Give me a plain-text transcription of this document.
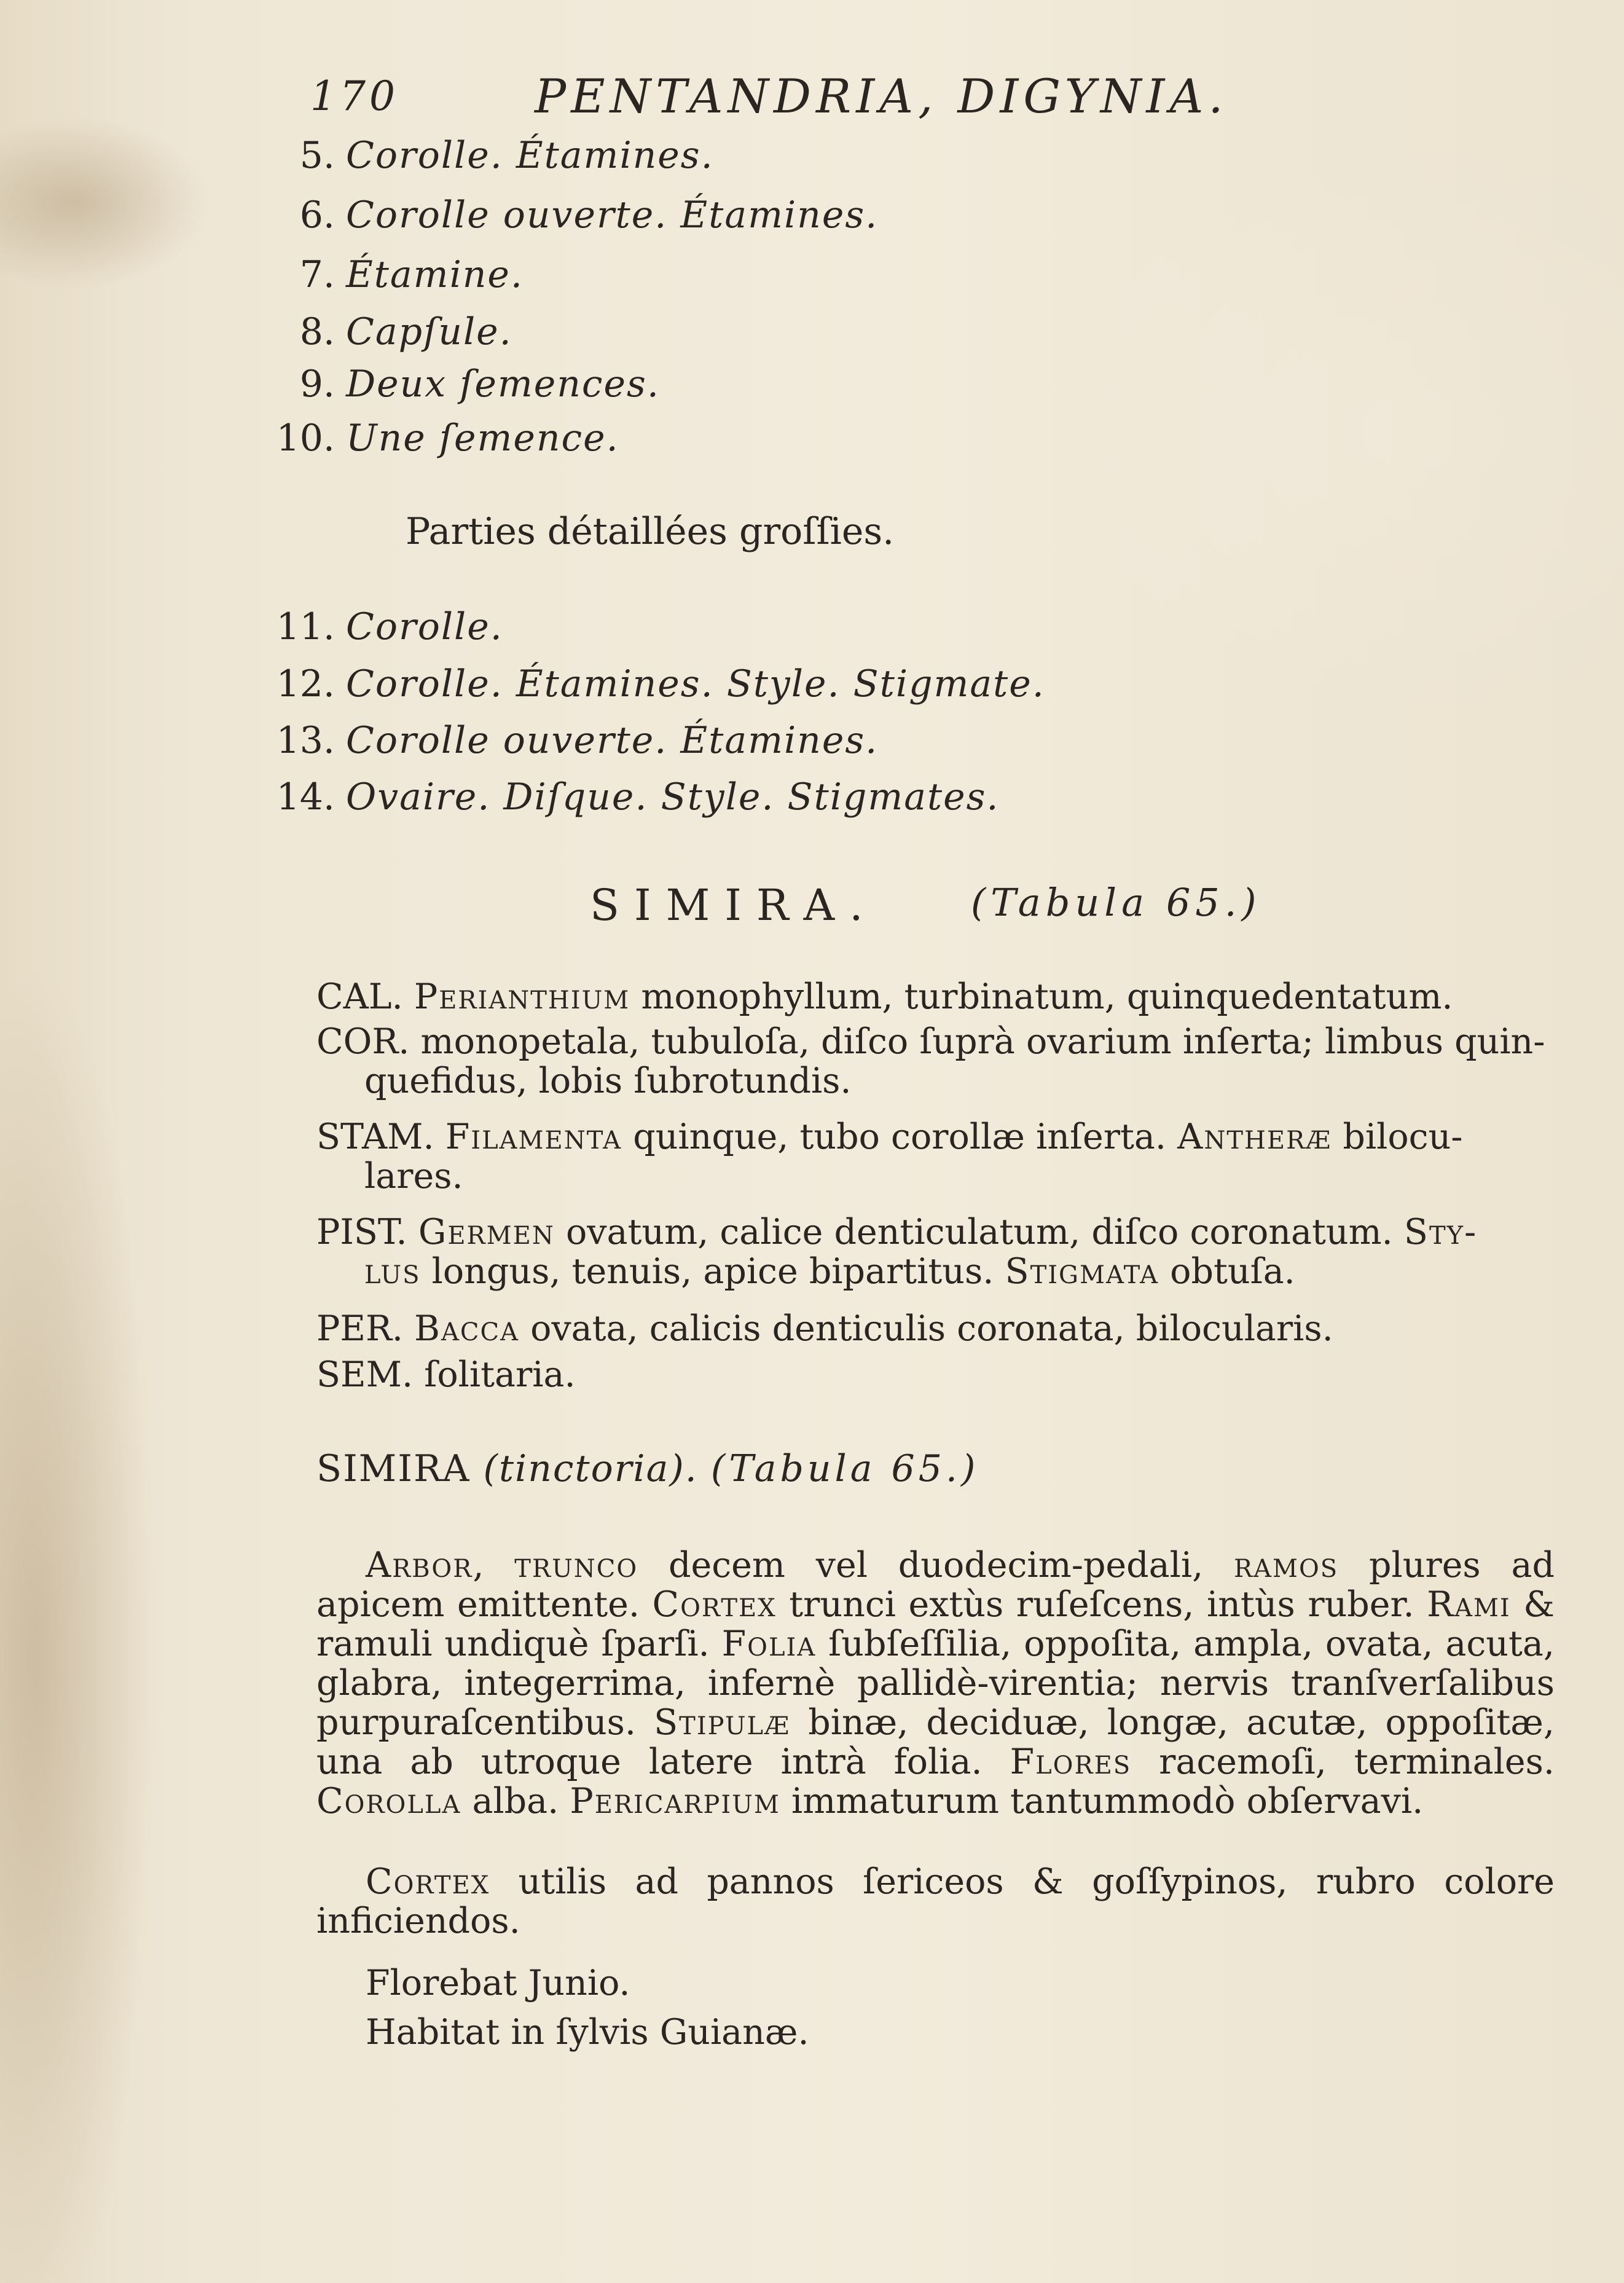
170	PENTANDRIA, DIGYNIA.
5. Corolle. Étamines.
6. Corolle ouverte. Étamines.
7. Étamine.
8. Capſule.
9. Deux ſemences.
10. Une ſemence.
Parties détaillées groſſies.
11. Corolle.
12. Corolle. Étamines. Style. Stigmate.
13. Corolle ouverte. Étamines.
14. Ovaire. Diſque. Style. Stigmates.
SIMIRA. (Tabula 65.)
CAL. Perianthium monophyllum, turbinatum, quinquedentatum.
COR. monopetala, tubuloſa, diſco ſuprà ovarium inſerta; limbus quin-
quefidus, lobis ſubrotundis.
STAM. Filamenta quinque, tubo corollæ inſerta. Antheræ bilocu-
lares.
PIST. Germen ovatum, calice denticulatum, diſco coronatum. Sty-
lus longus, tenuis, apice bipartitus. Stigmata obtuſa.
PER. Bacca ovata, calicis denticulis coronata, bilocularis.
SEM. ſolitaria.
SIMIRA (tinctoria). (Tabula 65.)
Arbor, trunco decem vel duodecim-pedali, ramos plures ad apicem emittente. Cortex trunci extùs ruſeſcens, intùs ruber. Rami & ramuli undiquè ſparſi. Folia ſubſeſſilia, oppoſita, ampla, ovata, acuta, glabra, integerrima, infernè pallidè-virentia; nervis tranſverſalibus purpuraſcentibus. Stipulæ binæ, deciduæ, longæ, acutæ, oppoſitæ, una ab utroque latere intrà folia. Flores racemoſi, terminales. Corolla alba. Pericarpium immaturum tantummodò obſervavi.
Cortex utilis ad pannos ſericeos & goſſypinos, rubro colore inficiendos.
Florebat Junio.
Habitat in ſylvis Guianæ.
